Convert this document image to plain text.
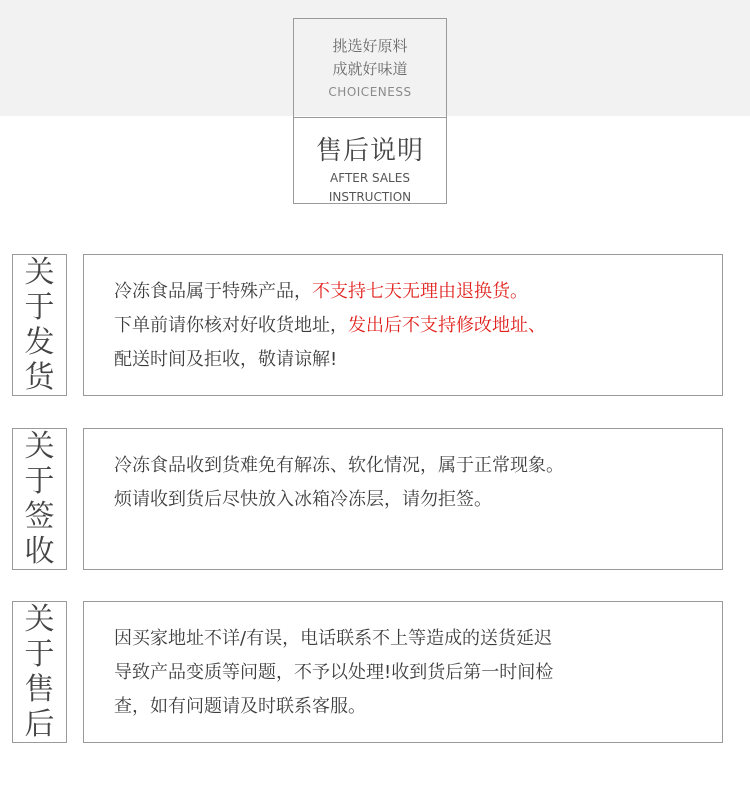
挑选好原料
成就好味道
CHOICENESS
售后说明
AFTER SALES
INSTRUCTION
关
于
发
货
冷冻食品属于特殊产品，不支持七天无理由退换货。
下单前请你核对好收货地址，发出后不支持修改地址、
配送时间及拒收，敬请谅解!
关
于
签
收
冷冻食品收到货难免有解冻、软化情况，属于正常现象。
烦请收到货后尽快放入冰箱冷冻层，请勿拒签。
关
于
售
后
因买家地址不详/有误，电话联系不上等造成的送货延迟
导致产品变质等问题，不予以处理!收到货后第一时间检
查，如有问题请及时联系客服。
